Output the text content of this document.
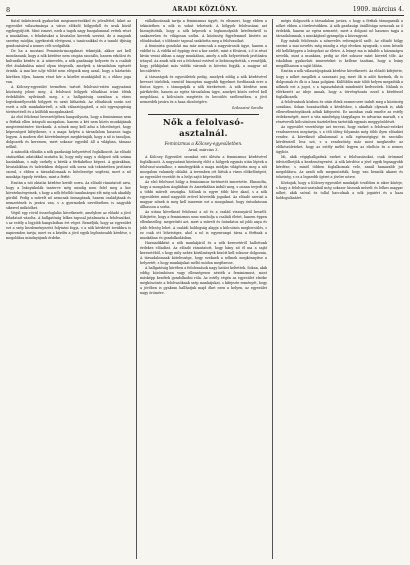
8	ARADI KÖZLÖNY.	1909. március 4.

fiatal önkéntesek gyakorlati megismerésekkel és jelenléttel, kiket az egyesület választmánya a város előkelő hölgyeiből és urak közül egybegyűjtött. Mint ismert, ezek a tagok nagy buzgalommal vettek részt a munkában, s feladatukat a hivatalos keretek szerint, de a magunk szerény módján, igyekeztek elvégezni, s tanácsaikkal és a tanuló ifjúság gondozásával a nemes célt szolgálták.

De ha a mostani Feminista-mozgalmat tekintjük, akkor azt kell mondanunk, hogy a nők kérdése nem csupán szociális, hanem erkölcsi és kulturális kérdés is. A nőnevelés, a nők gazdasági helyzete és a családi élet átalakulása mind olyan tényezők, amelyek a társadalom egészét érintik. A mai kor nője többé nem elégszik meg azzal, hogy a háztartás körében éljen, hanem részt kér a közélet munkájából is, s ehhez joga van.

A Kölcsey-egyesület termében tartott felolvasó-estén nagyszámú közönség jelent meg. A felolvasó hölgyek előadásai iránt élénk érdeklődés nyilvánult meg, s a hallgatóság soraiban a város legtekintélyesebb hölgyeit és urait láthattuk. Az előadások során szó esett a nők munkaköréről, a nők választójogáról, a női egyenjogúság történetéről és a külföldi mozgalmakról.

Az első felolvasó bevezetőjében hangsúlyozta, hogy a feminizmus nem a férfiak ellen irányuló mozgalom, hanem a két nem közös munkájának megteremtésére törekszik. A nőnek meg kell adni a lehetőséget, hogy képességeit kifejthesse, s a maga helyén a társadalom hasznos tagja legyen. A modern élet követelményei megkívánják, hogy a nő is tanuljon, dolgozzék és keressen, mert sokszor egyedül áll a világban, támasz nélkül.

A második előadás a nők gazdasági helyzetével foglalkozott. Az előadó statisztikai adatokkal mutatta ki, hogy mily nagy a dolgozó nők száma hazánkban, s mily csekély a bérük a férfiakéhoz képest. A gyárakban, hivatalokban és üzletekben dolgozó nők sorsa sok tekintetben javításra szorul, s ebben a társadalomnak is kötelessége segíteni, mert a nő munkája éppoly értékes, mint a férfié.

Ezután a női oktatás kérdése került sorra. Az előadó rámutatott arra, hogy a leányiskolák tanterve még mindig nem felel meg a kor követelményeinek, s hogy a nők felsőbb tanulmányai elé még sok akadály gördül. Pedig a művelt nő nemcsak önmagának, hanem családjának és nemzetének is javára van, s a gyermekek nevelésében is nagyobb sikerrel működhet.

Végül egy rövid összefoglalás következett, amelyben az előadó a jövő feladatait vázolta. A hallgatóság lelkes tapssal jutalmazta a felolvasókat, s az estély a legjobb hangulatban ért véget. Reméljük, hogy az egyesület ezt a szép kezdeményezést folytatni fogja, s a nők kérdését továbbra is napirenden tartja, mert ez a kérdés a jövő egyik legfontosabb kérdése, s megoldása mindnyájunk érdeke.

vállalkozásnak tartja a feminizmus ügyét, és elismeri, hogy ebben a tekintetben a nők is sokat tehetnek. A hölgyek felolvasásai azt bizonyították, hogy a nők képesek a legkomolyabb kérdésekről is szakszerűen és világosan szólni. A közönség figyelemmel kísérte az előadásokat, s többször tapssal szakította meg a felolvasókat.

A feminista gondolat ma már nemcsak a nagyvárosok ügye, hanem a vidéké is. A vidéki nő éppúgy érzi a kor szelét, mint a fővárosi, s ő is részt kíván venni abban a nagy munkában, amely a nők helyzetének javítására irányul. Az aradi nők ezt a felolvasó-estével is bebizonyították, s reméljük, hogy példájukat más vidéki városok is követni fogják, a magyar nő becsületére.

A társaságok és egyesületek pedig, amelyek eddig a nők kérdésével keveset törődtek, ezentúl bizonyára nagyobb figyelmet fordítanak erre a fontos ügyre, s támogatják a nők törekvéseit. A nők kérdése nem pártkérdés, hanem az egész társadalom ügye, amelyet közös erővel kell megoldani, a kölcsönös megértés és becsülés szellemében, a jövő nemzedék javára és a haza dicsőségére.

Szikszainé Sarolta
Nők a felolvasó-asztalnál.
Feminizmus a Kölcsey-egyesületben.
Arad, március 3.

A Kölcsey Egyesület szombat esti ülésén a feminizmus kérdésével foglalkozott. A nagyszámú közönség előtt a hölgyek egymás után léptek a felolvasó-asztalhoz, s mindegyikük a maga módján világította meg a női mozgalom valamely oldalát. A teremben ott láttuk a város előkelőségeit, az egyesület vezetőit és a helyi sajtó képviselőit.

Az első felolvasó hölgy a feminizmus történetét ismertette. Elmondta, hogy a mozgalom Angliában és Amerikában indult meg, s onnan terjedt át a többi művelt országba. Nálunk is egyre több híve akad, s a nők egyesületei mind nagyobb erővel követelik jogaikat. Az előadó szerint a magyar nőnek is meg kell ismernie ezt a mozgalmat, hogy öntudatosan állhasson a sorba.

Az utána következő felolvasó a nő és a család viszonyáról beszélt. Kifejtette, hogy a feminizmus nem rombolja a családi életet, hanem éppen ellenkezőleg: megerősíti azt, mert a művelt és öntudatos nő jobb anya és jobb feleség lehet. A családi boldogság alapja a kölcsönös megbecsülés, s ez csak ott lehetséges, ahol a nő is egyenrangú társa a férfinak a munkában és gondolkodásban.

Harmadikként a nők munkájáról és a nők keresetéről hallottunk érdekes előadást. Az előadó rámutatott, hogy hány nő él ma a saját keresetéből, s hogy mily nehéz körülmények között kell sokszor dolgoznia. A társadalomnak kötelessége, hogy ezeknek a nőknek megkönnyítse a helyzetét, s hogy munkájukat méltó módon megfizesse.

A hallgatóság körében a felolvasások nagy hatást keltettek. Sokan, akik eddig közömbösen vagy ellenségesen nézték a feminizmust, most másképp kezdtek gondolkodni róla. Az estély végén az egyesület elnöke megköszönte a felolvasóknak szép munkájukat, s kifejezte reményét, hogy a jövőben is gyakran hallhatjuk majd őket ezen a helyen, az egyesület nagy örömére.

mégis dolgozzék a társadalom javára, s hogy a férfiak támogassák a nőket ebben a törekvésükben. A nők gazdasági önállósága nemcsak az ő érdekük, hanem az egész nemzeté, mert a dolgozó nő hasznos tagja a társadalomnak, s munkájával gyarapítja a közvagyont.

Egy másik felolvasás a nőnevelés reformjáról szólt. Az előadó hölgy szerint a mai nevelés még mindig a régi elveken nyugszik, s nem készíti elő kellőképpen a leányokat az életre. A leányt ma is inkább a házasságra nevelik, mint a munkára, pedig az élet sokszor mást követel tőle. Az iskolában gyakorlati ismereteket is kellene tanítani, hogy a leány megállhasson a saját lábán.

Ezután a nők választójogának kérdése következett. Az előadó kifejtette, hogy a nőket megilleti a szavazati jog, mert ők is adót fizetnek, ők is dolgoznak és ők is a haza polgárai. Külföldön már több helyen megadták a nőknek ezt a jogot, s a tapasztalatok mindenütt kedvezőek. Nálunk is elérkezett az ideje annak, hogy a törvényhozás ezzel a kérdéssel foglalkozzék.

A felolvasások közben és után élénk eszmecsere indult meg a közönség soraiban. Sokan hozzászóltak a kérdéshez, s akadtak olyanok is, akik ellenvéleményüknek adtak kifejezést. Ez azonban csak emelte az estély érdekességét, mert a vita mindvégig tárgyilagos és udvarias maradt, s a résztvevők kölcsönösen tiszteletben tartották egymás meggyőződését.

Az egyesület vezetősége azt tervezi, hogy ezeket a felolvasó-esteket rendszeresen megtartja, s a téli idény folyamán még több ilyen előadást rendez. A következő alkalommal a nők egészségügyi és szociális kérdéseiről lesz szó, s a rendezőség már most megkezdte az előkészületeket, hogy az estély méltó legyen az elsőhöz és a nemes ügyhöz.

Mi, akik végighallgattuk ezeket a felolvasásokat, csak örömmel üdvözölhetjük a kezdeményezést. A nők kérdése a jövő egyik legnagyobb kérdése, s minél többen foglalkoznak vele, annál hamarabb jut megoldásra. Az aradi nők megmutatták, hogy van bennük akarat és tehetség, s ez a legszebb ígéret a jövőre nézve.

Kívánjuk, hogy a Kölcsey-egyesület munkáját továbbra is siker kísérje, s hogy a felolvasó-asztalnál még sokszor lássunk művelt és lelkes magyar nőket, akik szóval és tollal harcolnak a nők jogaiért és a haza boldogulásáért.
